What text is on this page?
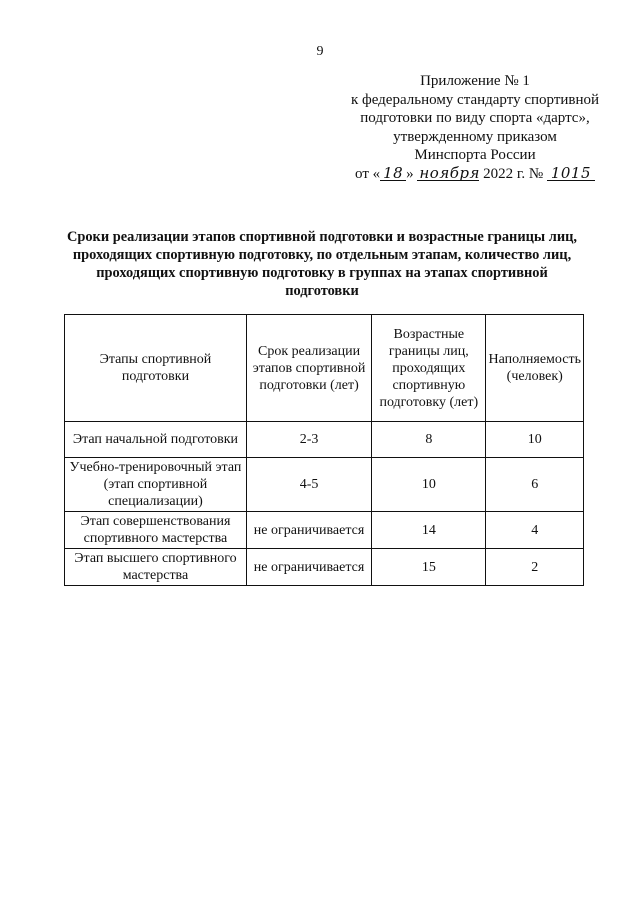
9
Приложение № 1
к федеральному стандарту спортивной
подготовки по виду спорта «дартс»,
утвержденному приказом
Минспорта России
от « 18 » ноября 2022 г. № 1015
Сроки реализации этапов спортивной подготовки и возрастные границы лиц, проходящих спортивную подготовку, по отдельным этапам, количество лиц, проходящих спортивную подготовку в группах на этапах спортивной подготовки
Этапы спортивной подготовки	Срок реализации этапов спортивной подготовки (лет)	Возрастные границы лиц, проходящих спортивную подготовку (лет)	Наполняемость (человек)
Этап начальной подготовки	2-3	8	10
Учебно-тренировочный этап (этап спортивной специализации)	4-5	10	6
Этап совершенствования спортивного мастерства	не ограничивается	14	4
Этап высшего спортивного мастерства	не ограничивается	15	2
